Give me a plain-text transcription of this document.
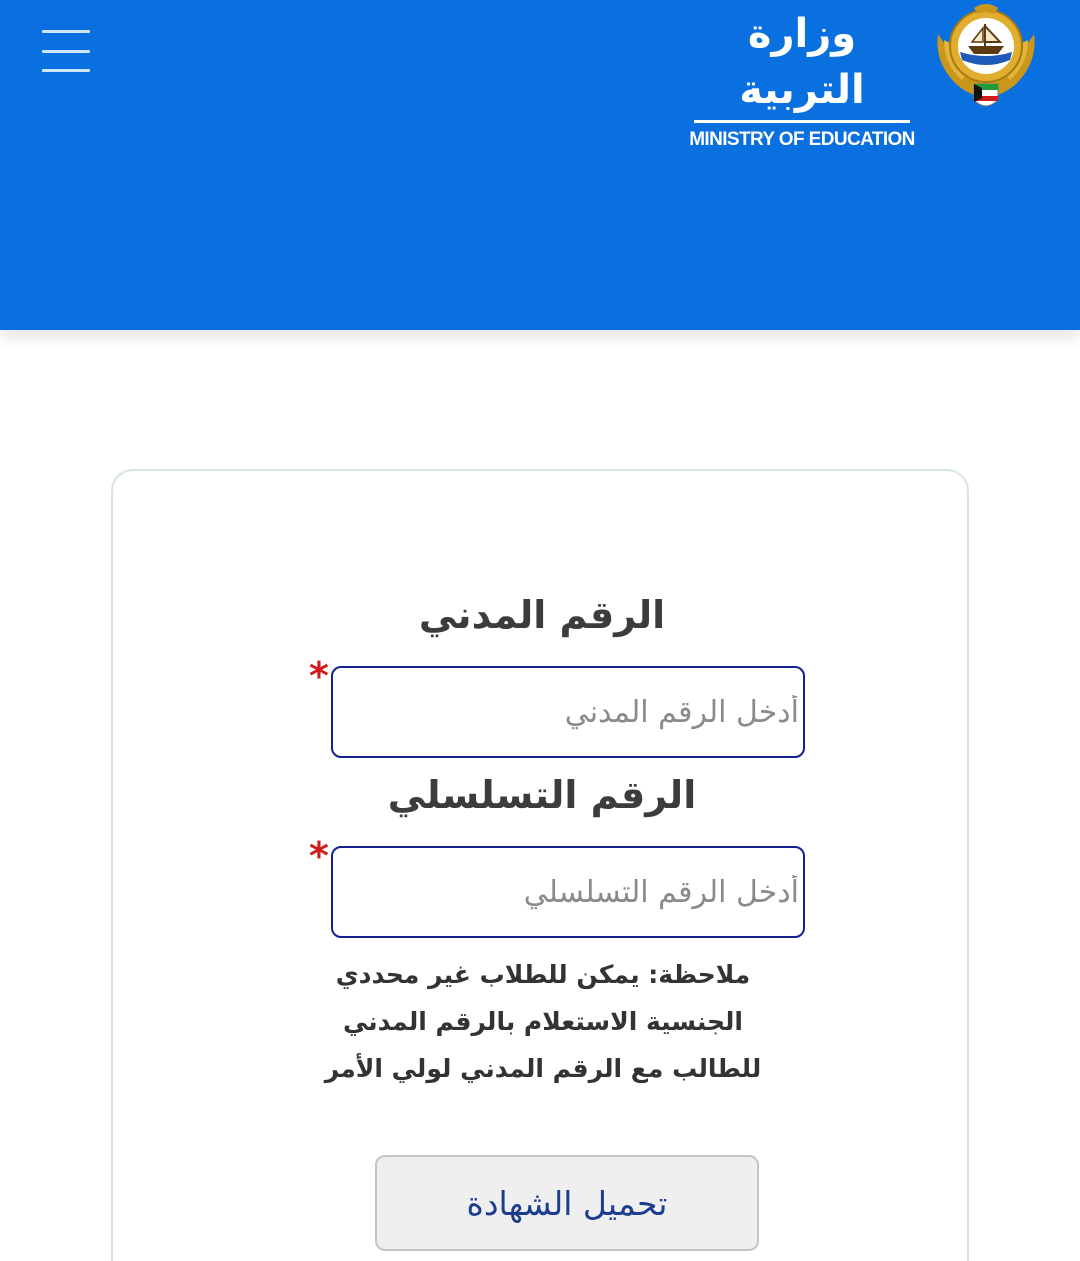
وزارة التربية
MINISTRY OF EDUCATION
الرقم المدني
*
أدخل الرقم المدني
الرقم التسلسلي
*
أدخل الرقم التسلسلي
ملاحظة: يمكن للطلاب غير محددي الجنسية الاستعلام بالرقم المدني للطالب مع الرقم المدني لولي الأمر
تحميل الشهادة
